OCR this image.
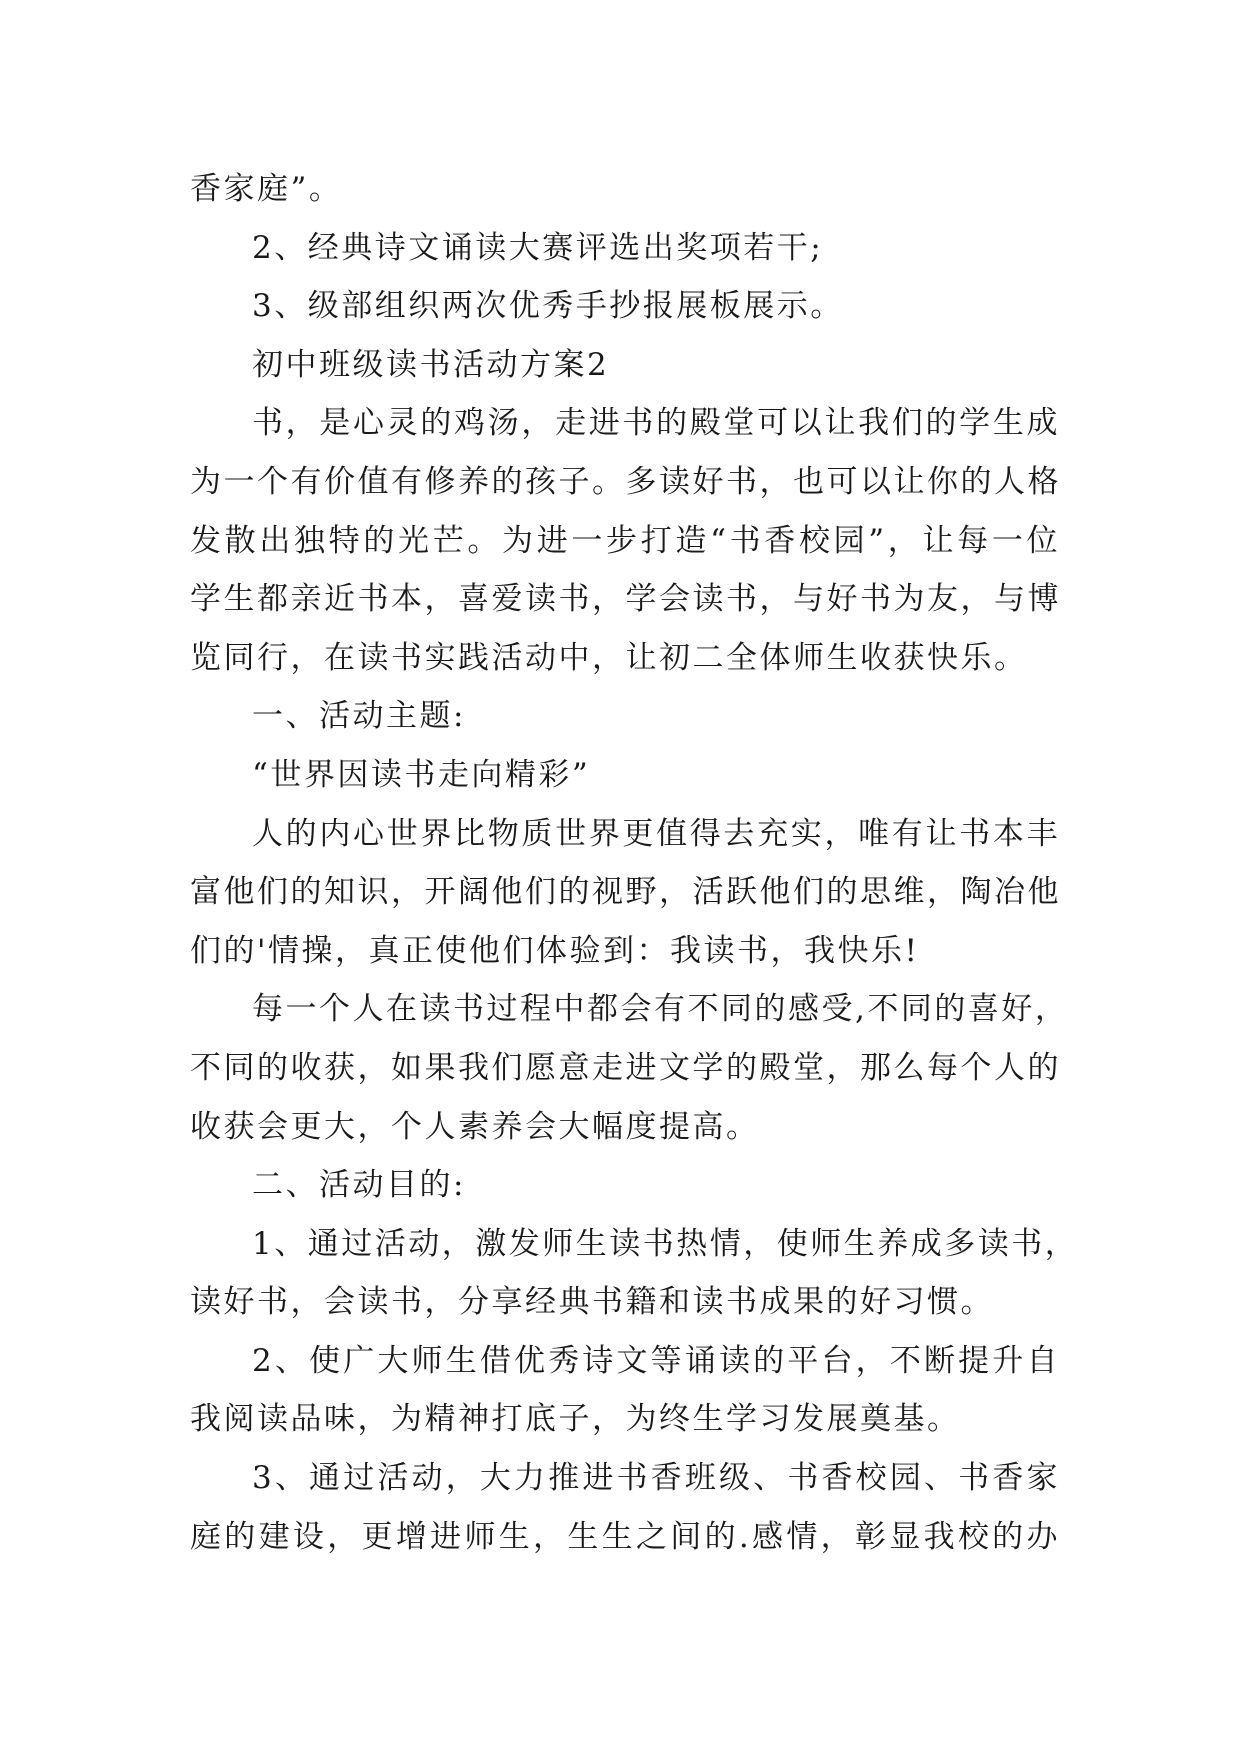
香家庭”。
2、经典诗文诵读大赛评选出奖项若干;
3、级部组织两次优秀手抄报展板展示。
初中班级读书活动方案2
书，是心灵的鸡汤，走进书的殿堂可以让我们的学生成
为一个有价值有修养的孩子。多读好书，也可以让你的人格
发散出独特的光芒。为进一步打造“书香校园”，让每一位
学生都亲近书本，喜爱读书，学会读书，与好书为友，与博
览同行，在读书实践活动中，让初二全体师生收获快乐。
一、活动主题:
“世界因读书走向精彩”
人的内心世界比物质世界更值得去充实，唯有让书本丰
富他们的知识，开阔他们的视野，活跃他们的思维，陶冶他
们的'情操，真正使他们体验到：我读书，我快乐!
每一个人在读书过程中都会有不同的感受,不同的喜好，
不同的收获，如果我们愿意走进文学的殿堂，那么每个人的
收获会更大，个人素养会大幅度提高。
二、活动目的:
1、通过活动，激发师生读书热情，使师生养成多读书，
读好书，会读书，分享经典书籍和读书成果的好习惯。
2、使广大师生借优秀诗文等诵读的平台，不断提升自
我阅读品味，为精神打底子，为终生学习发展奠基。
3、通过活动，大力推进书香班级、书香校园、书香家
庭的建设，更增进师生，生生之间的.感情，彰显我校的办
